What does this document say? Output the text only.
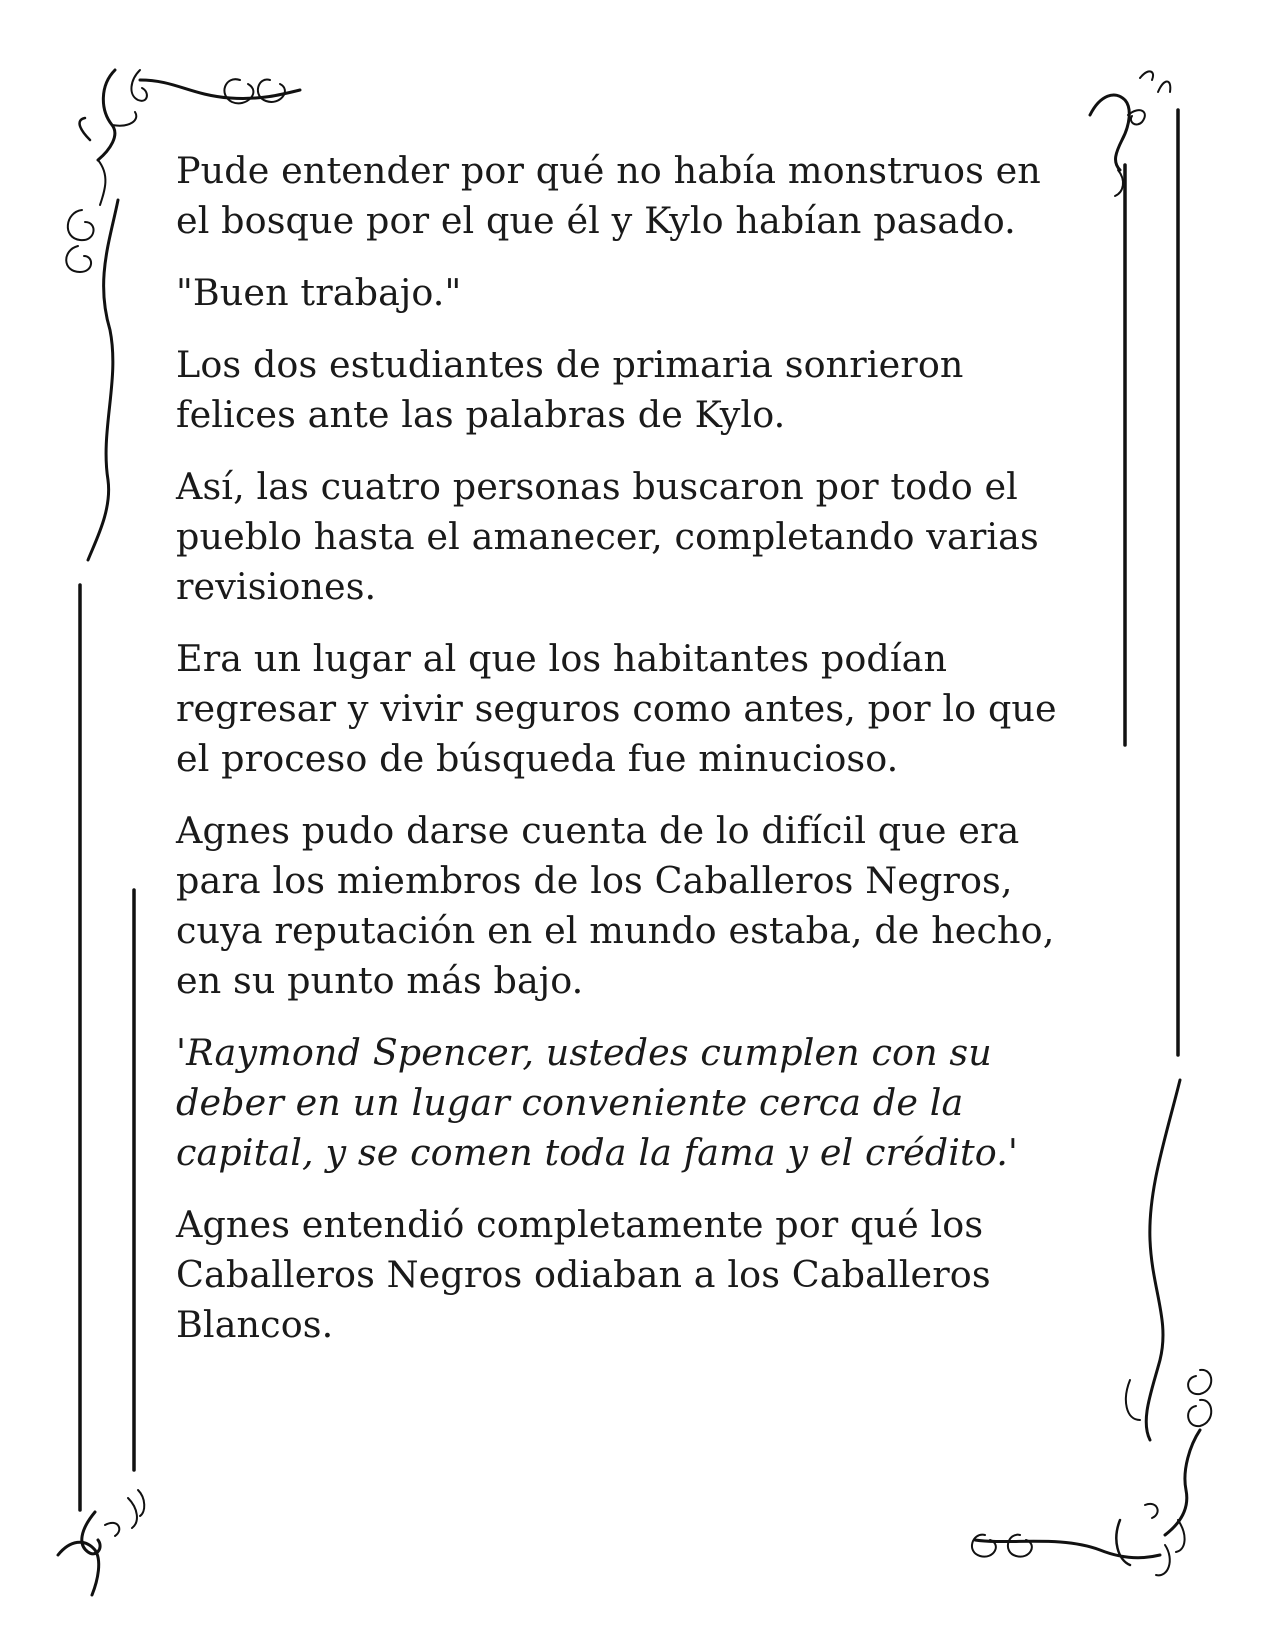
Pude entender por qué no había monstruos en el bosque por el que él y Kylo habían pasado.

"Buen trabajo."

Los dos estudiantes de primaria sonrieron felices ante las palabras de Kylo.

Así, las cuatro personas buscaron por todo el pueblo hasta el amanecer, completando varias revisiones.

Era un lugar al que los habitantes podían regresar y vivir seguros como antes, por lo que el proceso de búsqueda fue minucioso.

Agnes pudo darse cuenta de lo difícil que era para los miembros de los Caballeros Negros, cuya reputación en el mundo estaba, de hecho, en su punto más bajo.

'Raymond Spencer, ustedes cumplen con su deber en un lugar conveniente cerca de la capital, y se comen toda la fama y el crédito.'

Agnes entendió completamente por qué los Caballeros Negros odiaban a los Caballeros Blancos.
